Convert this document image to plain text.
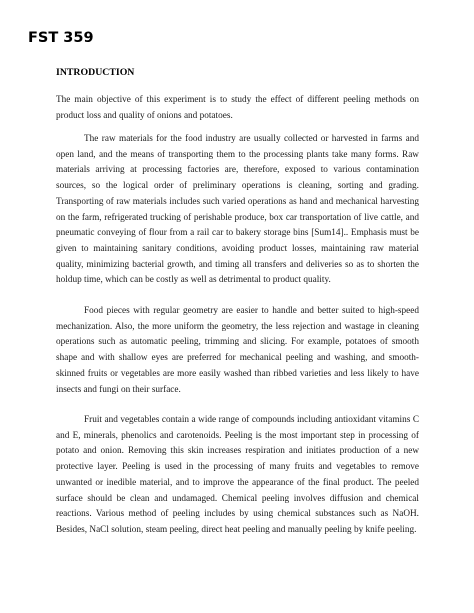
FST 359
INTRODUCTION

The main objective of this experiment is to study the effect of different peeling methods on product loss and quality of onions and potatoes.

The raw materials for the food industry are usually collected or harvested in farms and open land, and the means of transporting them to the processing plants take many forms. Raw materials arriving at processing factories are, therefore, exposed to various contamination sources, so the logical order of preliminary operations is cleaning, sorting and grading. Transporting of raw materials includes such varied operations as hand and mechanical harvesting on the farm, refrigerated trucking of perishable produce, box car transportation of live cattle, and pneumatic conveying of flour from a rail car to bakery storage bins [Sum14].. Emphasis must be given to maintaining sanitary conditions, avoiding product losses, maintaining raw material quality, minimizing bacterial growth, and timing all transfers and deliveries so as to shorten the holdup time, which can be costly as well as detrimental to product quality.

Food pieces with regular geometry are easier to handle and better suited to high-speed mechanization. Also, the more uniform the geometry, the less rejection and wastage in cleaning operations such as automatic peeling, trimming and slicing. For example, potatoes of smooth shape and with shallow eyes are preferred for mechanical peeling and washing, and smooth-skinned fruits or vegetables are more easily washed than ribbed varieties and less likely to have insects and fungi on their surface.

Fruit and vegetables contain a wide range of compounds including antioxidant vitamins C and E, minerals, phenolics and carotenoids. Peeling is the most important step in processing of potato and onion. Removing this skin increases respiration and initiates production of a new protective layer. Peeling is used in the processing of many fruits and vegetables to remove unwanted or inedible material, and to improve the appearance of the final product. The peeled surface should be clean and undamaged. Chemical peeling involves diffusion and chemical reactions. Various method of peeling includes by using chemical substances such as NaOH. Besides, NaCl solution, steam peeling, direct heat peeling and manually peeling by knife peeling.
